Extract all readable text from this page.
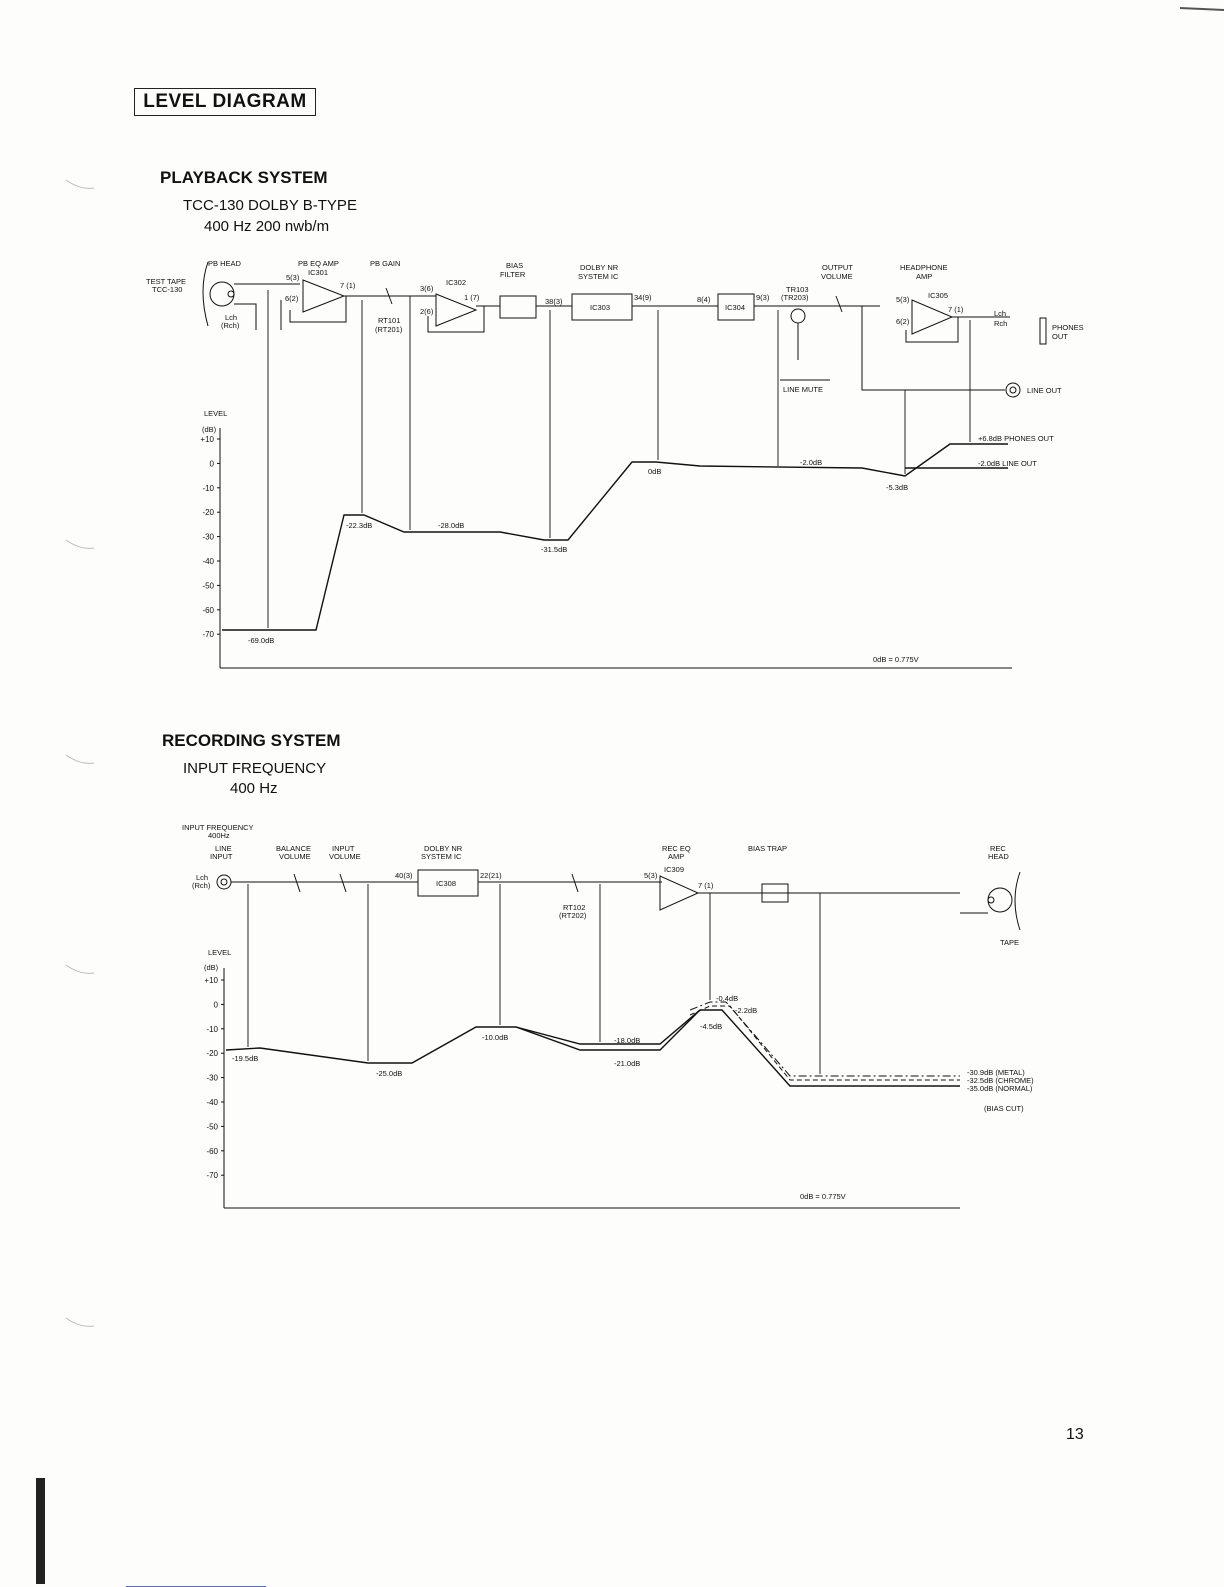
LEVEL DIAGRAM
PLAYBACK SYSTEM
TCC-130 DOLBY B-TYPE
400 Hz 200 nwb/m
RECORDING SYSTEM
INPUT FREQUENCY
400 Hz
13
TEST TAPE
TCC-130
PB HEAD
Lch
(Rch)
PB EQ AMP
IC301
5(3)
6(2)
7 (1)
PB GAIN
RT101
(RT201)
IC302
3(6)
2(6)
1 (7)
BIAS
FILTER
38(3)
DOLBY NR
SYSTEM IC
IC303
34(9)	8(4)
IC304
9(3)
TR103
(TR203)
LINE MUTE
OUTPUT
VOLUME
HEADPHONE
AMP
IC305
5(3)
6(2)
7 (1)	Lch
Rch	PHONES
OUT
LINE OUT
LEVEL
(dB)
+10
0
-10
-20
-30
-40
-50
-60
-70
-69.0dB
-22.3dB	-28.0dB
-31.5dB
0dB
-2.0dB
-5.3dB
+6.8dB PHONES OUT
-2.0dB LINE OUT
0dB = 0.775V
INPUT FREQUENCY
400Hz
LINE
INPUT
Lch
(Rch)
BALANCE
VOLUME
INPUT
VOLUME
40(3)
DOLBY NR
SYSTEM IC
IC308
22(21)
RT102
(RT202)
REC EQ
AMP
IC309
5(3)
7 (1)
BIAS TRAP	REC
HEAD
TAPE
LEVEL
(dB)
+10
0
-10
-20
-30
-40
-50
-60
-70
-19.5dB
-25.0dB
-10.0dB	-18.0dB
-21.0dB
-0.4dB
-2.2dB
-4.5dB
-30.9dB (METAL)
-32.5dB (CHROME)
-35.0dB (NORMAL)
(BIAS CUT)
0dB = 0.775V
